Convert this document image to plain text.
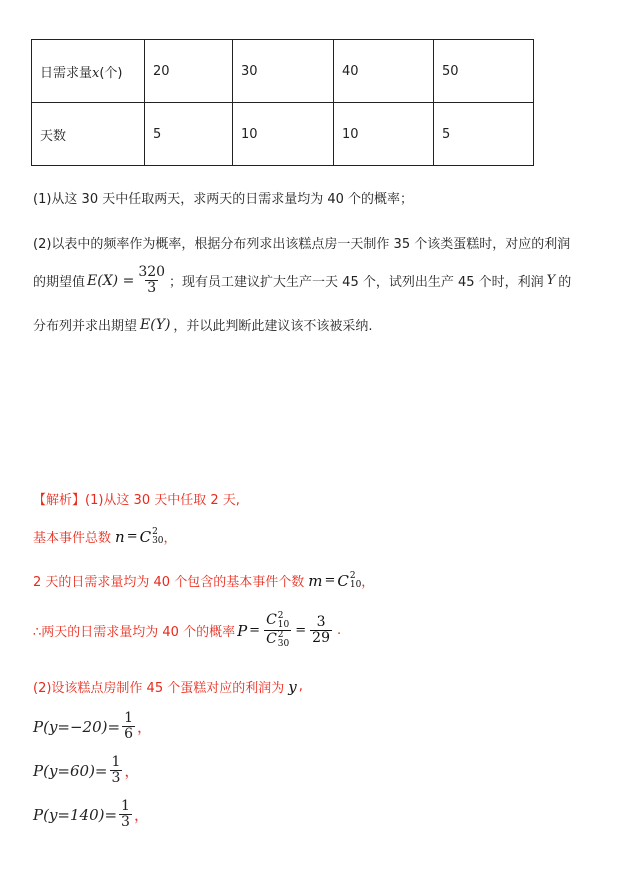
日需求量x(个)	20	30	40	50
天数	5	10	10	5
(1)从这 30 天中任取两天，求两天的日需求量均为 40 个的概率；
(2)以表中的频率作为概率，根据分布列求出该糕点房一天制作 35 个该类蛋糕时，对应的利润
的期望值 $E(X) = \frac{320}{3}$ ；现有员工建议扩大生产一天 45 个，试列出生产 45 个时，利润 Y 的
分布列并求出期望 E(Y) ，并以此判断此建议该不该被采纳.
【解析】(1)从这 30 天中任取 2 天,
基本事件总数 n = C 2
30 ，
2 天的日需求量均为 40 个包含的基本事件个数 m = C 2
10 ，
∴两天的日需求量均为 40 个的概率 P = C 2
10
C 2
$30 = \frac{3}{29}$ .
(2)设该糕点房制作 45 个蛋糕对应的利润为 y ,
$P(y=-20)= \frac{1}{6}$ ，
$P(y=60)= \frac{1}{3}$ ，
$P(y=140)= \frac{1}{3}$ ，
